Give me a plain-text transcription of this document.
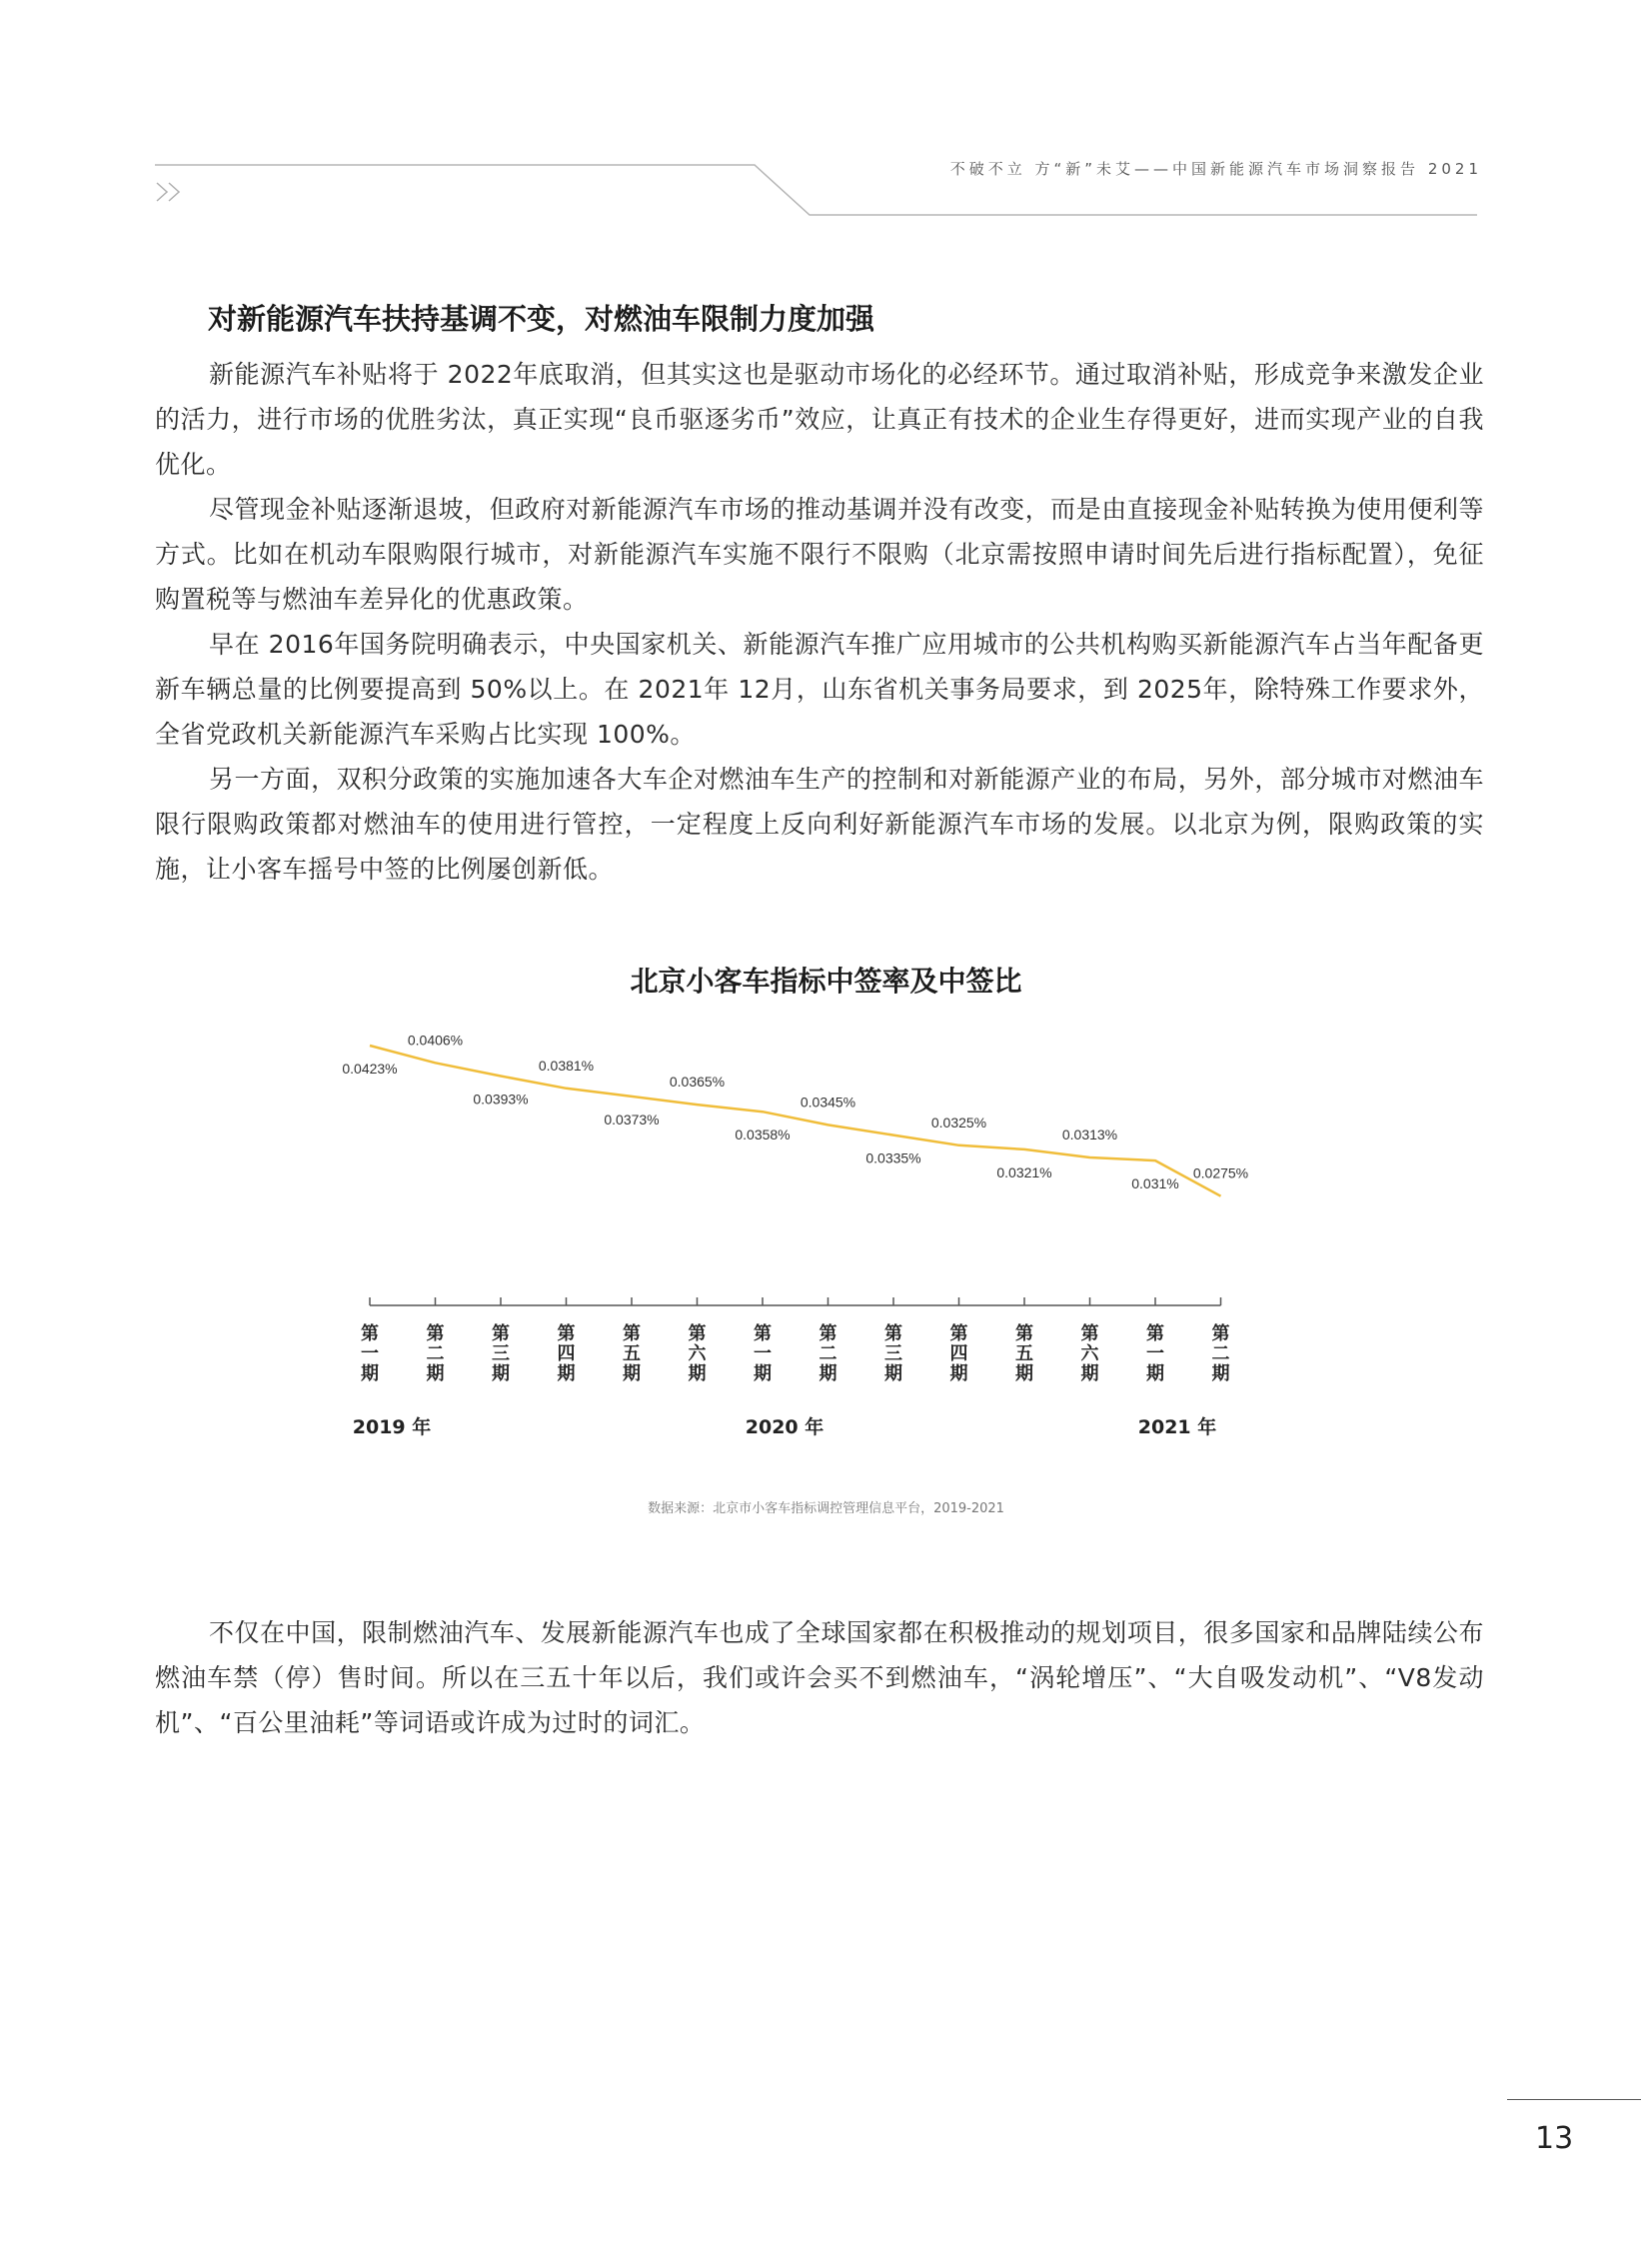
不破不立 方“新”未艾——中国新能源汽车市场洞察报告 2021
对新能源汽车扶持基调不变，对燃油车限制力度加强

新能源汽车补贴将于 2022年底取消，但其实这也是驱动市场化的必经环节。通过取消补贴，形成竞争来激发企业的活力，进行市场的优胜劣汰，真正实现“良币驱逐劣币”效应，让真正有技术的企业生存得更好，进而实现产业的自我优化。

尽管现金补贴逐渐退坡，但政府对新能源汽车市场的推动基调并没有改变，而是由直接现金补贴转换为使用便利等方式。比如在机动车限购限行城市，对新能源汽车实施不限行不限购（北京需按照申请时间先后进行指标配置），免征购置税等与燃油车差异化的优惠政策。

早在 2016年国务院明确表示，中央国家机关、新能源汽车推广应用城市的公共机构购买新能源汽车占当年配备更新车辆总量的比例要提高到 50%以上。在 2021年 12月，山东省机关事务局要求，到 2025年，除特殊工作要求外，全省党政机关新能源汽车采购占比实现 100%。

另一方面，双积分政策的实施加速各大车企对燃油车生产的控制和对新能源产业的布局，另外，部分城市对燃油车限行限购政策都对燃油车的使用进行管控，一定程度上反向利好新能源汽车市场的发展。以北京为例，限购政策的实施，让小客车摇号中签的比例屡创新低。

北京小客车指标中签率及中签比
0.0423%
0.0406%
0.0393%
0.0381%
0.0373%
0.0365%
0.0358%
0.0345%
0.0335%
0.0325%
0.0321%
0.0313%
0.031%
0.0275%
第一期
第二期
第三期
第四期
第五期
第六期
第一期
第二期
第三期
第四期
第五期
第六期
第一期
第二期
2019 年	2020 年	2021 年
数据来源：北京市小客车指标调控管理信息平台，2019-2021

不仅在中国，限制燃油汽车、发展新能源汽车也成了全球国家都在积极推动的规划项目，很多国家和品牌陆续公布燃油车禁（停）售时间。所以在三五十年以后，我们或许会买不到燃油车，“涡轮增压”、“大自吸发动机”、“V8发动机”、“百公里油耗”等词语或许成为过时的词汇。

13
